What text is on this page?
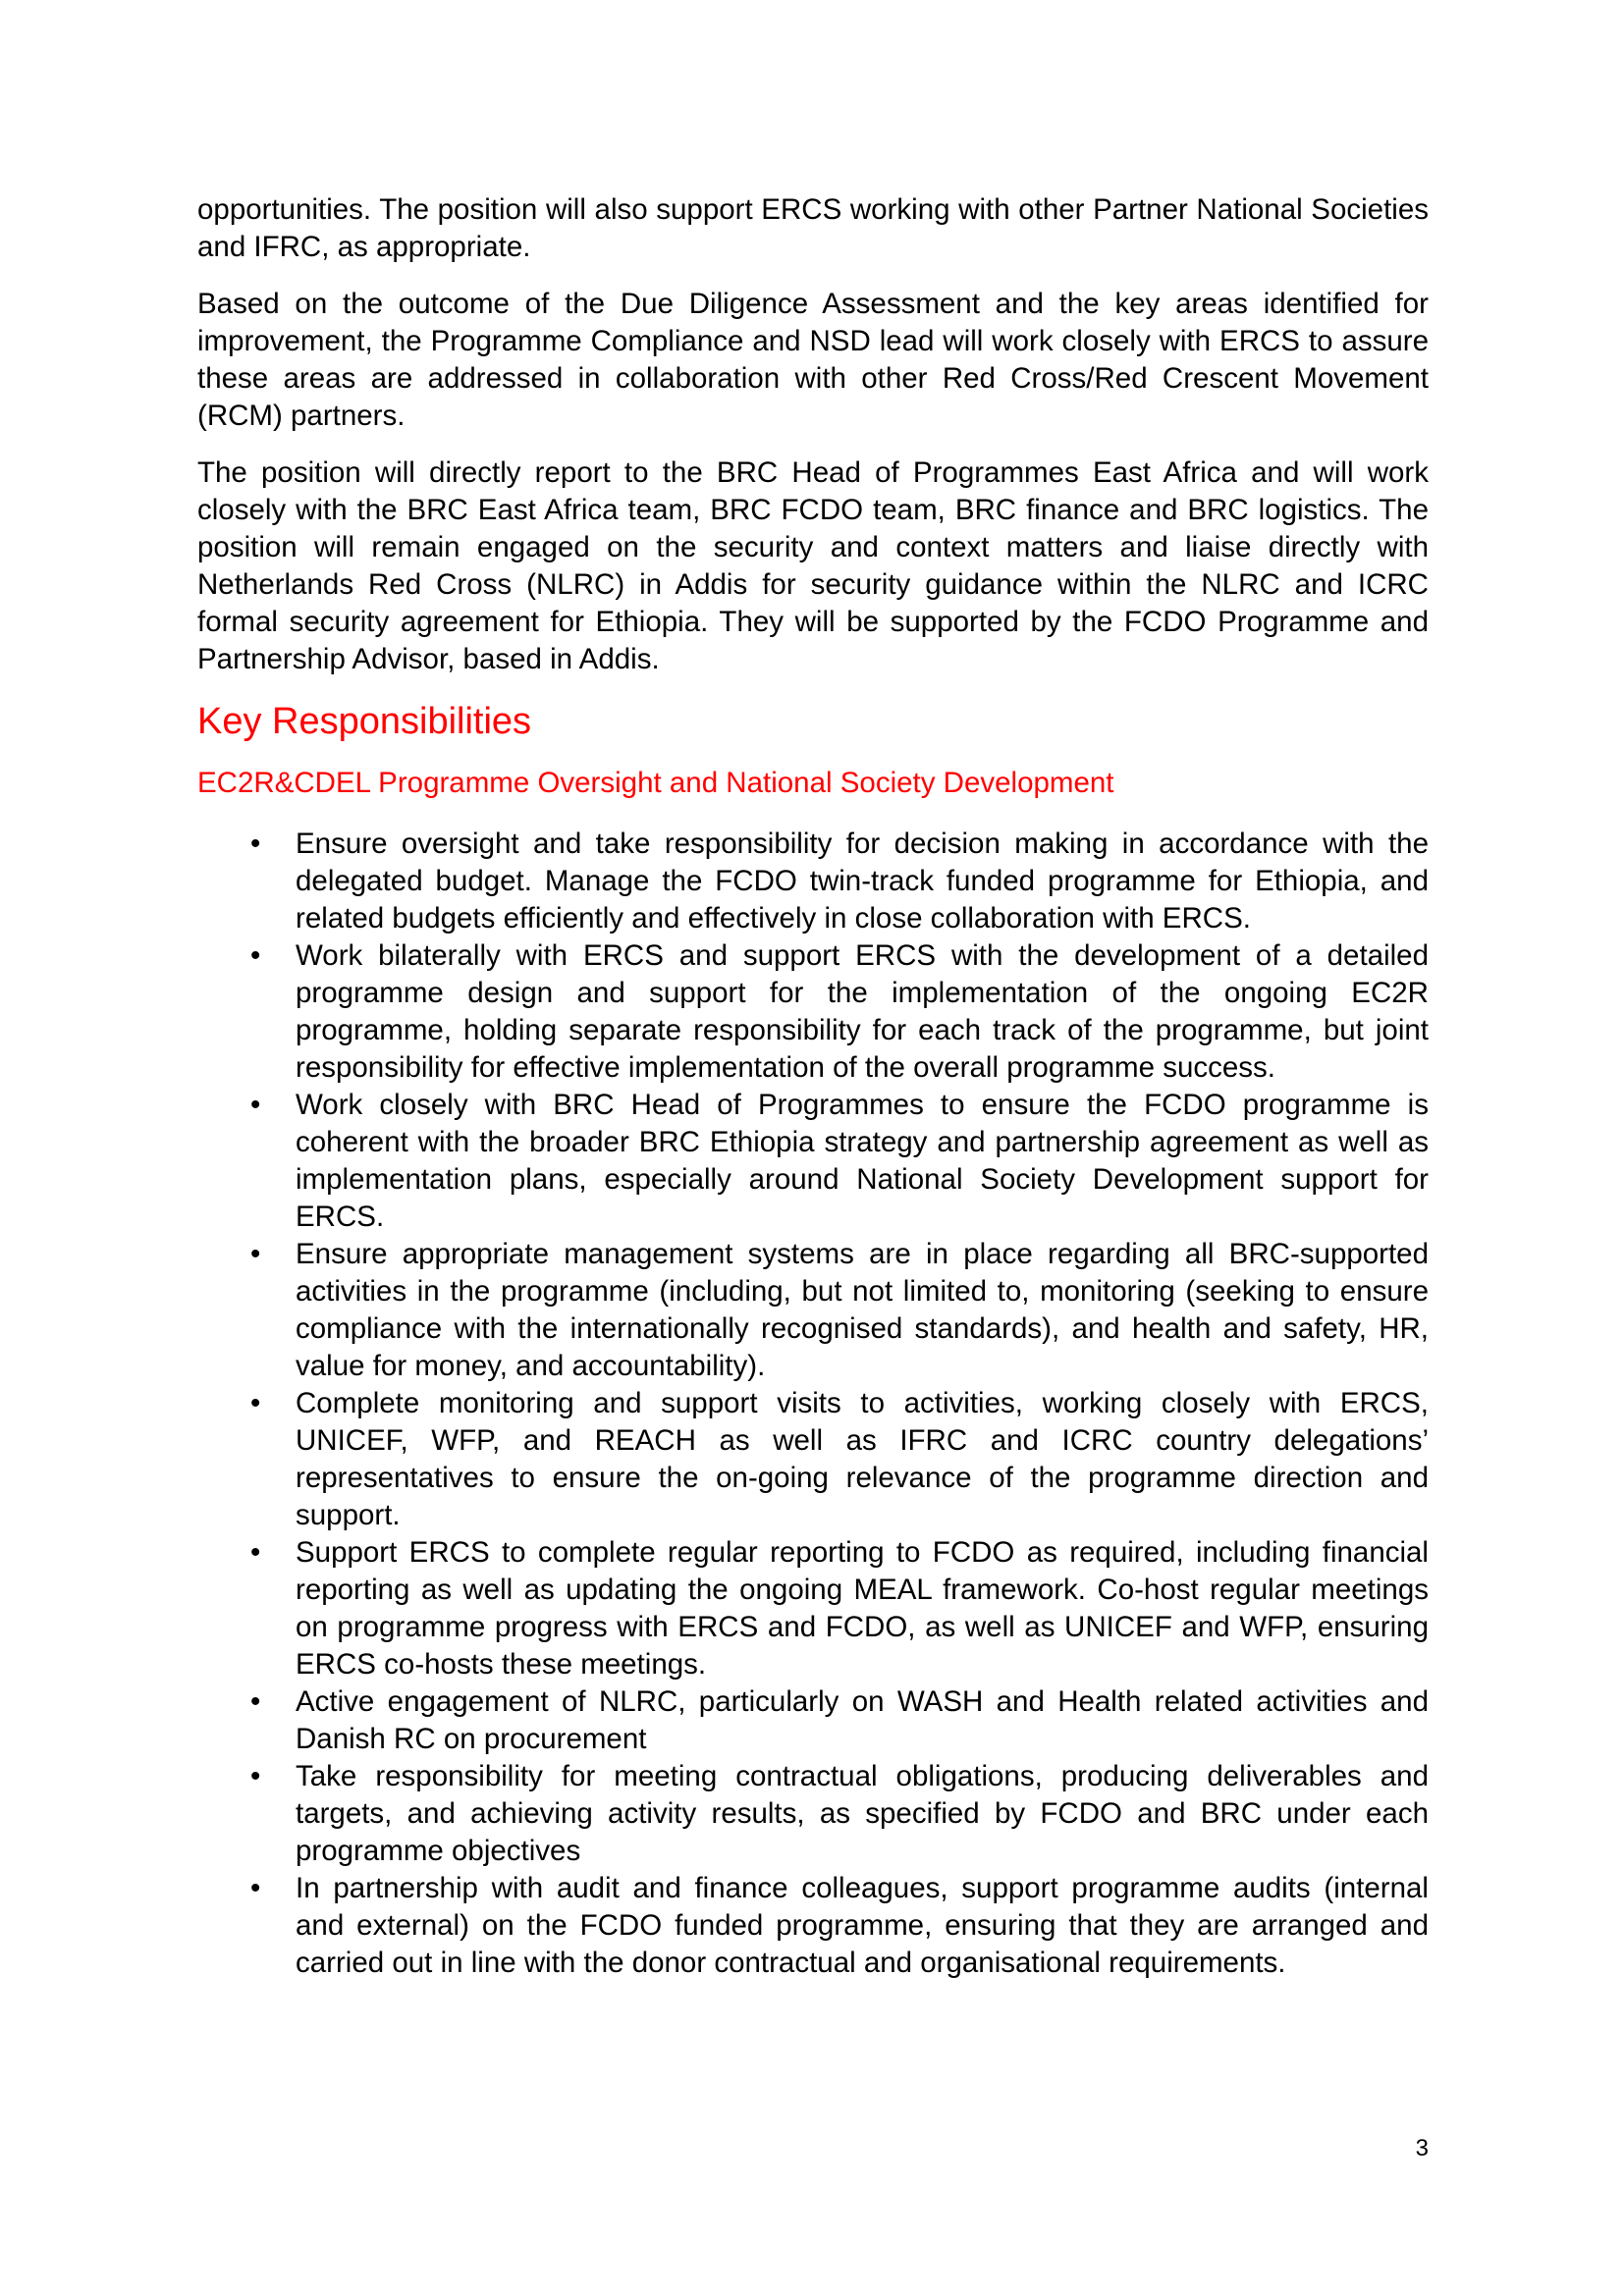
opportunities. The position will also support ERCS working with other Partner National Societies and IFRC, as appropriate.

Based on the outcome of the Due Diligence Assessment and the key areas identified for improvement, the Programme Compliance and NSD lead will work closely with ERCS to assure these areas are addressed in collaboration with other Red Cross/Red Crescent Movement (RCM) partners.

The position will directly report to the BRC Head of Programmes East Africa and will work closely with the BRC East Africa team, BRC FCDO team, BRC finance and BRC logistics. The position will remain engaged on the security and context matters and liaise directly with Netherlands Red Cross (NLRC) in Addis for security guidance within the NLRC and ICRC formal security agreement for Ethiopia. They will be supported by the FCDO Programme and Partnership Advisor, based in Addis.

Key Responsibilities
EC2R&CDEL Programme Oversight and National Society Development
• Ensure oversight and take responsibility for decision making in accordance with the delegated budget. Manage the FCDO twin-track funded programme for Ethiopia, and related budgets efficiently and effectively in close collaboration with ERCS.
• Work bilaterally with ERCS and support ERCS with the development of a detailed programme design and support for the implementation of the ongoing EC2R programme, holding separate responsibility for each track of the programme, but joint responsibility for effective implementation of the overall programme success.
• Work closely with BRC Head of Programmes to ensure the FCDO programme is coherent with the broader BRC Ethiopia strategy and partnership agreement as well as implementation plans, especially around National Society Development support for ERCS.
• Ensure appropriate management systems are in place regarding all BRC-supported activities in the programme (including, but not limited to, monitoring (seeking to ensure compliance with the internationally recognised standards), and health and safety, HR, value for money, and accountability).
• Complete monitoring and support visits to activities, working closely with ERCS, UNICEF, WFP, and REACH as well as IFRC and ICRC country delegations’ representatives to ensure the on-going relevance of the programme direction and support.
• Support ERCS to complete regular reporting to FCDO as required, including financial reporting as well as updating the ongoing MEAL framework. Co-host regular meetings on programme progress with ERCS and FCDO, as well as UNICEF and WFP, ensuring ERCS co-hosts these meetings.
• Active engagement of NLRC, particularly on WASH and Health related activities and Danish RC on procurement
• Take responsibility for meeting contractual obligations, producing deliverables and targets, and achieving activity results, as specified by FCDO and BRC under each programme objectives
• In partnership with audit and finance colleagues, support programme audits (internal and external) on the FCDO funded programme, ensuring that they are arranged and carried out in line with the donor contractual and organisational requirements.
3
